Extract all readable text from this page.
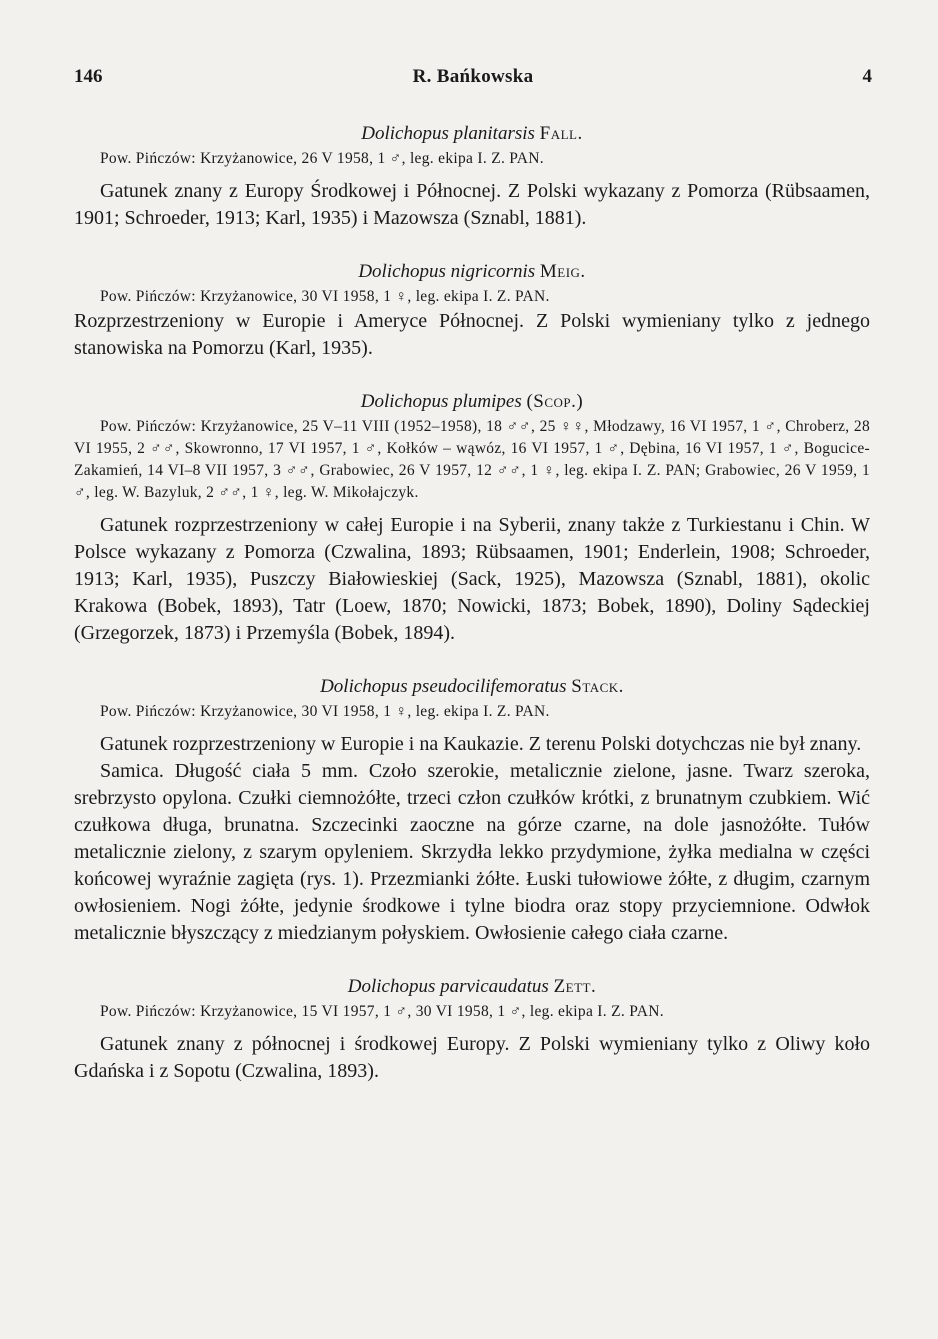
146	R. Bańkowska	4

Dolichopus planitarsis Fall.

Pow. Pińczów: Krzyżanowice, 26 V 1958, 1 ♂, leg. ekipa I. Z. PAN.

Gatunek znany z Europy Środkowej i Północnej. Z Polski wykazany z Pomorza (Rübsaamen, 1901; Schroeder, 1913; Karl, 1935) i Mazowsza (Sznabl, 1881).

Dolichopus nigricornis Meig.

Pow. Pińczów: Krzyżanowice, 30 VI 1958, 1 ♀, leg. ekipa I. Z. PAN.

Rozprzestrzeniony w Europie i Ameryce Północnej. Z Polski wymieniany tylko z jednego stanowiska na Pomorzu (Karl, 1935).

Dolichopus plumipes (Scop.)

Pow. Pińczów: Krzyżanowice, 25 V–11 VIII (1952–1958), 18 ♂♂, 25 ♀♀, Młodzawy, 16 VI 1957, 1 ♂, Chroberz, 28 VI 1955, 2 ♂♂, Skowronno, 17 VI 1957, 1 ♂, Kołków – wąwóz, 16 VI 1957, 1 ♂, Dębina, 16 VI 1957, 1 ♂, Bogucice-Zakamień, 14 VI–8 VII 1957, 3 ♂♂, Grabowiec, 26 V 1957, 12 ♂♂, 1 ♀, leg. ekipa I. Z. PAN; Grabowiec, 26 V 1959, 1 ♂, leg. W. Bazyluk, 2 ♂♂, 1 ♀, leg. W. Mikołajczyk.

Gatunek rozprzestrzeniony w całej Europie i na Syberii, znany także z Turkiestanu i Chin. W Polsce wykazany z Pomorza (Czwalina, 1893; Rübsaamen, 1901; Enderlein, 1908; Schroeder, 1913; Karl, 1935), Puszczy Białowieskiej (Sack, 1925), Mazowsza (Sznabl, 1881), okolic Krakowa (Bobek, 1893), Tatr (Loew, 1870; Nowicki, 1873; Bobek, 1890), Doliny Sądeckiej (Grzegorzek, 1873) i Przemyśla (Bobek, 1894).

Dolichopus pseudocilifemoratus Stack.

Pow. Pińczów: Krzyżanowice, 30 VI 1958, 1 ♀, leg. ekipa I. Z. PAN.

Gatunek rozprzestrzeniony w Europie i na Kaukazie. Z terenu Polski dotychczas nie był znany.

Samica. Długość ciała 5 mm. Czoło szerokie, metalicznie zielone, jasne. Twarz szeroka, srebrzysto opylona. Czułki ciemnożółte, trzeci człon czułków krótki, z brunatnym czubkiem. Wić czułkowa długa, brunatna. Szczecinki zaoczne na górze czarne, na dole jasnożółte. Tułów metalicznie zielony, z szarym opyleniem. Skrzydła lekko przydymione, żyłka medialna w części końcowej wyraźnie zagięta (rys. 1). Przezmianki żółte. Łuski tułowiowe żółte, z długim, czarnym owłosieniem. Nogi żółte, jedynie środkowe i tylne biodra oraz stopy przyciemnione. Odwłok metalicznie błyszczący z miedzianym połyskiem. Owłosienie całego ciała czarne.

Dolichopus parvicaudatus Zett.

Pow. Pińczów: Krzyżanowice, 15 VI 1957, 1 ♂, 30 VI 1958, 1 ♂, leg. ekipa I. Z. PAN.

Gatunek znany z północnej i środkowej Europy. Z Polski wymieniany tylko z Oliwy koło Gdańska i z Sopotu (Czwalina, 1893).
